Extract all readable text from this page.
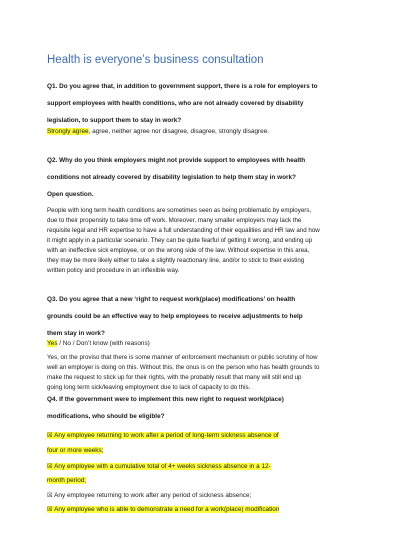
Health is everyone’s business consultation
Q1. Do you agree that, in addition to government support, there is a role for employers to
support employees with health conditions, who are not already covered by disability
legislation, to support them to stay in work?
Strongly agree, agree, neither agree nor disagree, disagree, strongly disagree.
Q2. Why do you think employers might not provide support to employees with health
conditions not already covered by disability legislation to help them stay in work?
Open question.
People with long term health conditions are sometimes seen as being problematic by employers,
due to their propensity to take time off work. Moreover, many smaller employers may lack the
requisite legal and HR expertise to have a full understanding of their equalities and HR law and how
it might apply in a particular scenario. They can be quite fearful of getting it wrong, and ending up
with an ineffective sick employee, or on the wrong side of the law. Without expertise in this area,
they may be more likely either to take a slightly reactionary line, and/or to stick to their existing
written policy and procedure in an inflexible way.
Q3. Do you agree that a new ‘right to request work(place) modifications’ on health
grounds could be an effective way to help employees to receive adjustments to help
them stay in work?
Yes / No / Don’t know (with reasons)
Yes, on the proviso that there is some manner of enforcement mechanism or public scrutiny of how
well an employer is doing on this. Without this, the onus is on the person who has health grounds to
make the request to stick up for their rights, with the probably result that many will still end up
going long term sick/leaving employment due to lack of capacity to do this.
Q4. If the government were to implement this new right to request work(place)
modifications, who should be eligible?
☒ Any employee returning to work after a period of long-term sickness absence of
four or more weeks;
☒ Any employee with a cumulative total of 4+ weeks sickness absence in a 12-
month period;
☒ Any employee returning to work after any period of sickness absence;
☒ Any employee who is able to demonstrate a need for a work(place) modification
